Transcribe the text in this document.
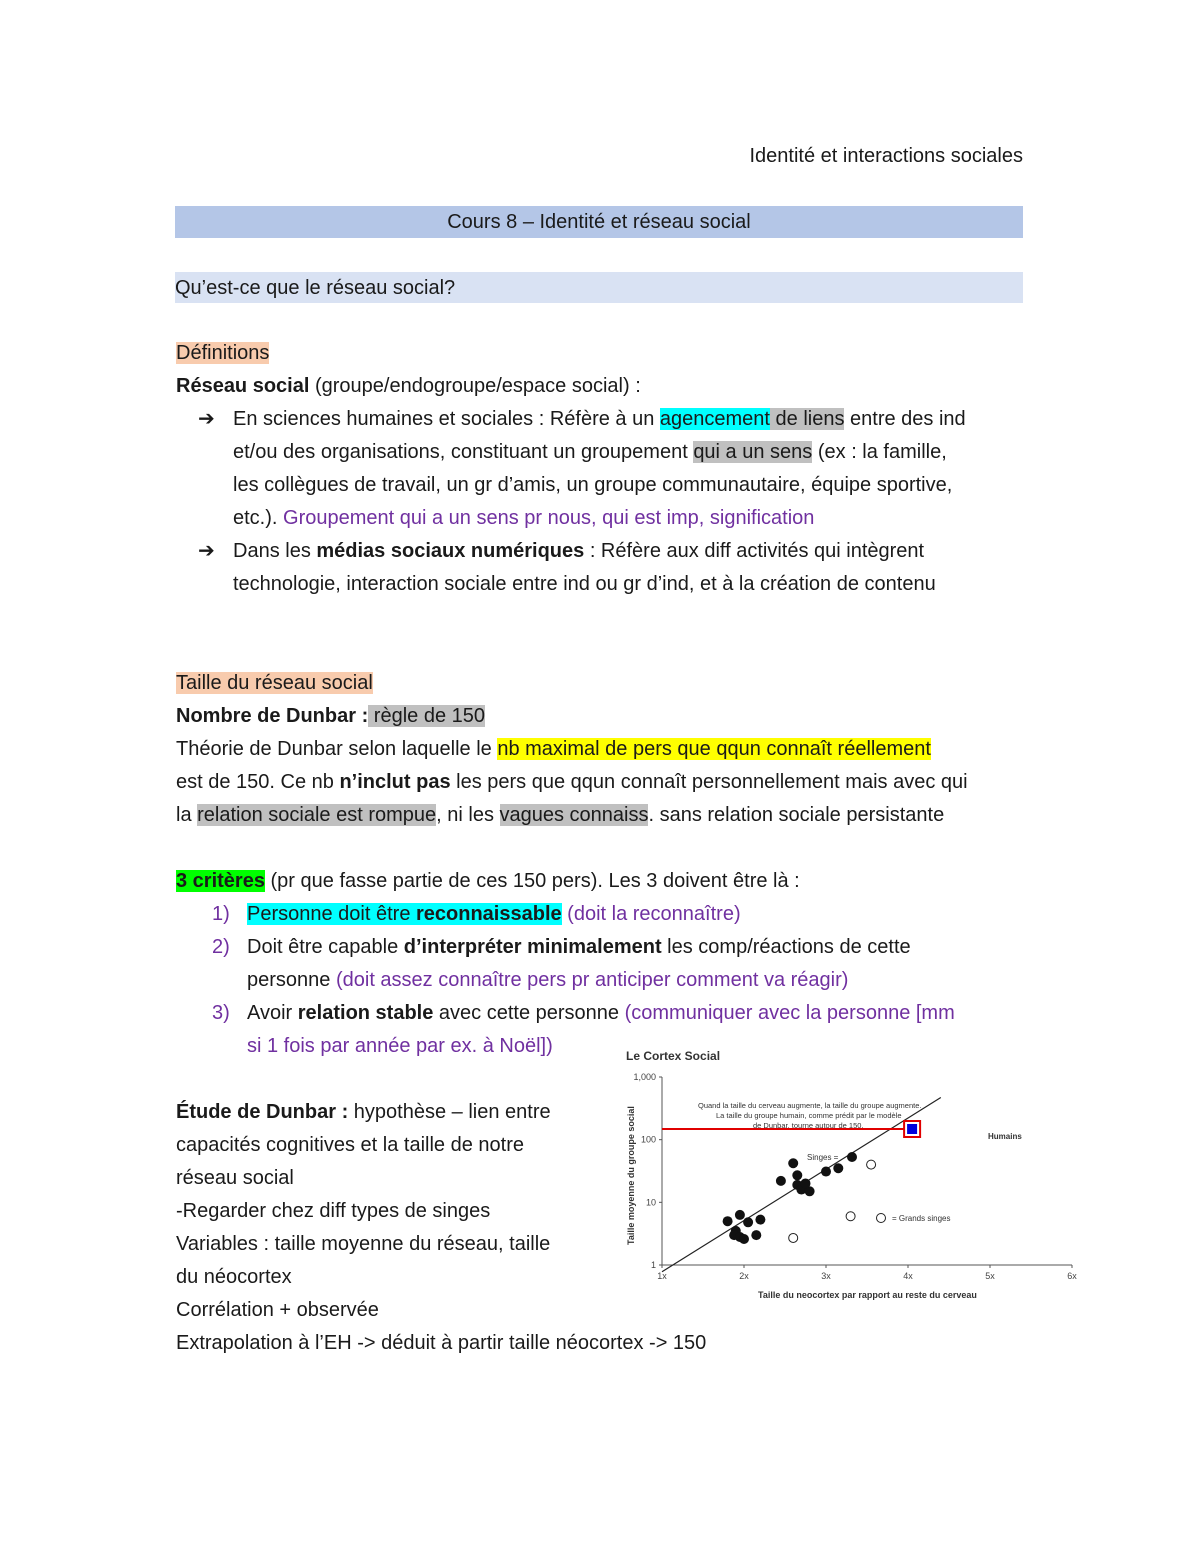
Identité et interactions sociales
Cours 8 – Identité et réseau social
Qu’est-ce que le réseau social?
Définitions
Réseau social (groupe/endogroupe/espace social) :
➔ En sciences humaines et sociales : Réfère à un agencement de liens entre des ind
et/ou des organisations, constituant un groupement qui a un sens (ex : la famille,
les collègues de travail, un gr d’amis, un groupe communautaire, équipe sportive,
etc.). Groupement qui a un sens pr nous, qui est imp, signification
➔ Dans les médias sociaux numériques : Réfère aux diff activités qui intègrent
technologie, interaction sociale entre ind ou gr d’ind, et à la création de contenu
Taille du réseau social
Nombre de Dunbar : règle de 150
Théorie de Dunbar selon laquelle le nb maximal de pers que qqun connaît réellement
est de 150. Ce nb n’inclut pas les pers que qqun connaît personnellement mais avec qui
la relation sociale est rompue, ni les vagues connaiss. sans relation sociale persistante
3 critères (pr que fasse partie de ces 150 pers). Les 3 doivent être là :
1) Personne doit être reconnaissable (doit la reconnaître)
2) Doit être capable d’interpréter minimalement les comp/réactions de cette
personne (doit assez connaître pers pr anticiper comment va réagir)
3) Avoir relation stable avec cette personne (communiquer avec la personne [mm
si 1 fois par année par ex. à Noël])
Étude de Dunbar : hypothèse – lien entre
capacités cognitives et la taille de notre
réseau social
-Regarder chez diff types de singes
Variables : taille moyenne du réseau, taille
du néocortex
Corrélation + observée
Extrapolation à l’EH -> déduit à partir taille néocortex -> 150
Le Cortex Social
Quand la taille du cerveau augmente, la taille du groupe augmente.
La taille du groupe humain, comme prédit par le modèle
de Dunbar, tourne autour de 150.
Taille moyenne du groupe social
Taille du neocortex par rapport au reste du cerveau
1
10
100
1,000
1x	2x	3x	4x	5x	6x
Singes =
= Grands singes
Humains
